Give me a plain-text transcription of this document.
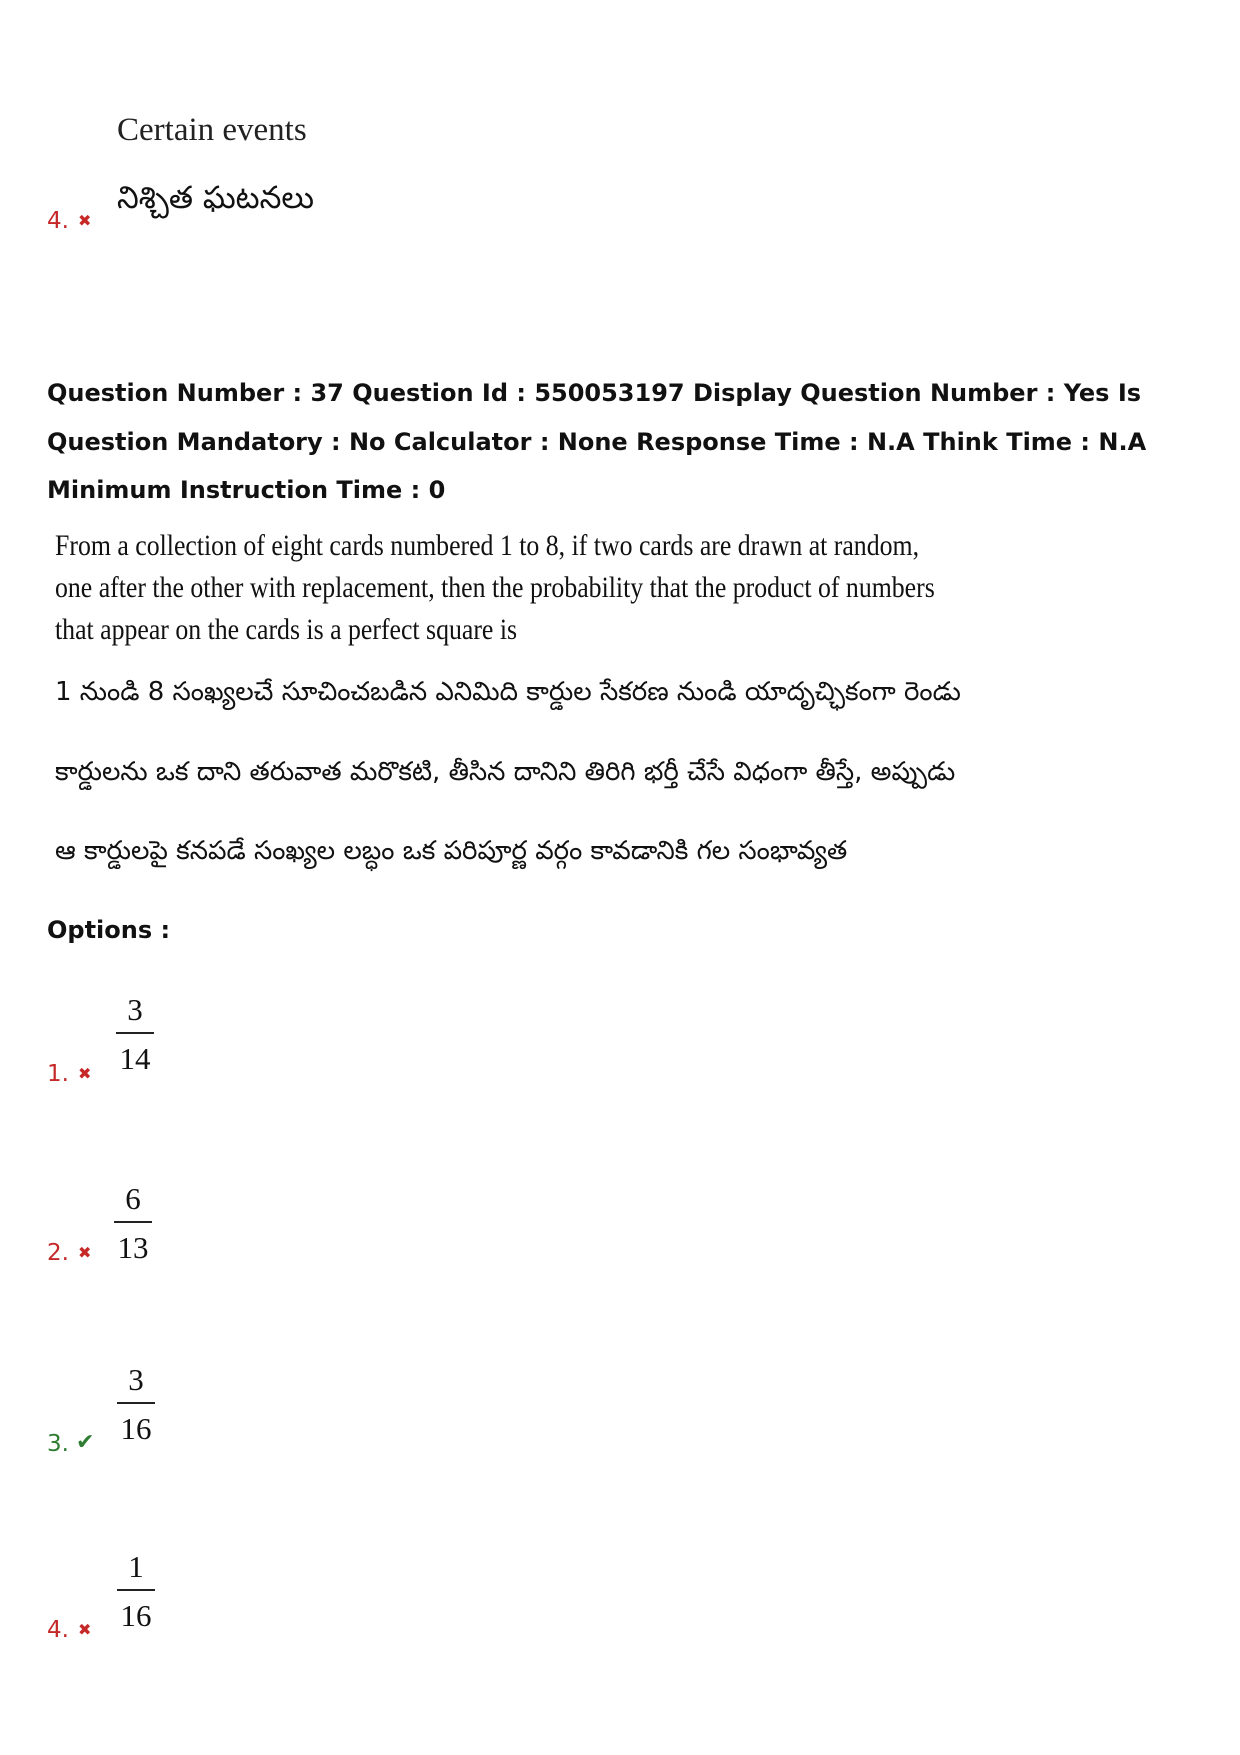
Certain events
నిశ్చిత ఘటనలు
4. ✖
Question Number : 37 Question Id : 550053197 Display Question Number : Yes Is Question Mandatory : No Calculator : None Response Time : N.A Think Time : N.A Minimum Instruction Time : 0
From a collection of eight cards numbered 1 to 8, if two cards are drawn at random,
one after the other with replacement, then the probability that the product of numbers
that appear on the cards is a perfect square is
1 నుండి 8 సంఖ్యలచే సూచించబడిన ఎనిమిది కార్డుల సేకరణ నుండి యాదృచ్ఛికంగా రెండు
కార్డులను ఒక దాని తరువాత మరొకటి, తీసిన దానిని తిరిగి భర్తీ చేసే విధంగా తీస్తే, అప్పుడు
ఆ కార్డులపై కనపడే సంఖ్యల లబ్ధం ఒక పరిపూర్ణ వర్గం కావడానికి గల సంభావ్యత
Options :
3
14
1. ✖
6
13
2. ✖
3
16
3. ✔
1
16
4. ✖
